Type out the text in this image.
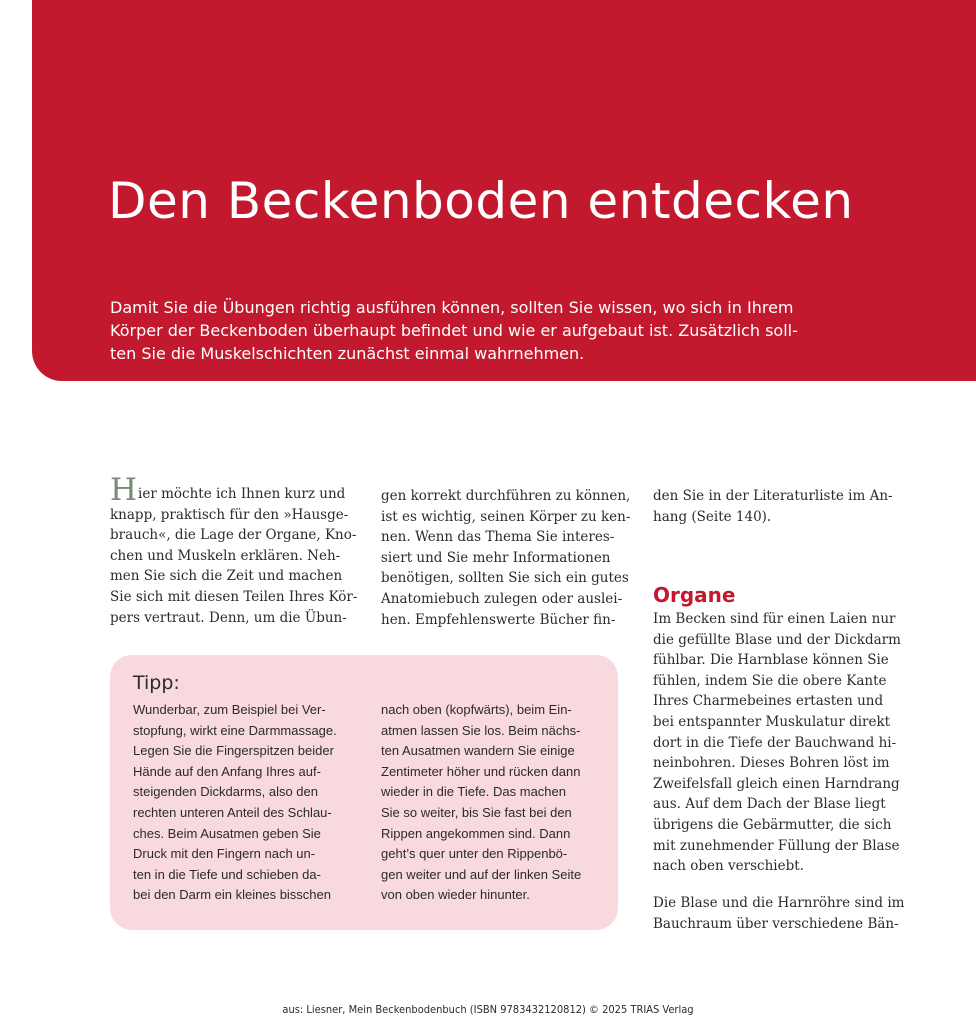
Den Beckenboden entdecken
Damit Sie die Übungen richtig ausführen können, sollten Sie wissen, wo sich in Ihrem
Körper der Beckenboden überhaupt befindet und wie er aufgebaut ist. Zusätzlich soll-
ten Sie die Muskelschichten zunächst einmal wahrnehmen.
Hier möchte ich Ihnen kurz und
knapp, praktisch für den »Hausge-
brauch«, die Lage der Organe, Kno-
chen und Muskeln erklären. Neh-
men Sie sich die Zeit und machen
Sie sich mit diesen Teilen Ihres Kör-
pers vertraut. Denn, um die Übun-
gen korrekt durchführen zu können,
ist es wichtig, seinen Körper zu ken-
nen. Wenn das Thema Sie interes-
siert und Sie mehr Informationen
benötigen, sollten Sie sich ein gutes
Anatomiebuch zulegen oder auslei-
hen. Empfehlenswerte Bücher fin-
den Sie in der Literaturliste im An-
hang (Seite 140).
Organe
Im Becken sind für einen Laien nur
die gefüllte Blase und der Dickdarm
fühlbar. Die Harnblase können Sie
fühlen, indem Sie die obere Kante
Ihres Charmebeines ertasten und
bei entspannter Muskulatur direkt
dort in die Tiefe der Bauchwand hi-
neinbohren. Dieses Bohren löst im
Zweifelsfall gleich einen Harndrang
aus. Auf dem Dach der Blase liegt
übrigens die Gebärmutter, die sich
mit zunehmender Füllung der Blase
nach oben verschiebt.
Die Blase und die Harnröhre sind im
Bauchraum über verschiedene Bän-
Tipp:
Wunderbar, zum Beispiel bei Ver-
stopfung, wirkt eine Darmmassage.
Legen Sie die Fingerspitzen beider
Hände auf den Anfang Ihres auf-
steigenden Dickdarms, also den
rechten unteren Anteil des Schlau-
ches. Beim Ausatmen geben Sie
Druck mit den Fingern nach un-
ten in die Tiefe und schieben da-
bei den Darm ein kleines bisschen
nach oben (kopfwärts), beim Ein-
atmen lassen Sie los. Beim nächs-
ten Ausatmen wandern Sie einige
Zentimeter höher und rücken dann
wieder in die Tiefe. Das machen
Sie so weiter, bis Sie fast bei den
Rippen angekommen sind. Dann
geht’s quer unter den Rippenbö-
gen weiter und auf der linken Seite
von oben wieder hinunter.
aus: Liesner, Mein Beckenbodenbuch (ISBN 9783432120812) © 2025 TRIAS Verlag
